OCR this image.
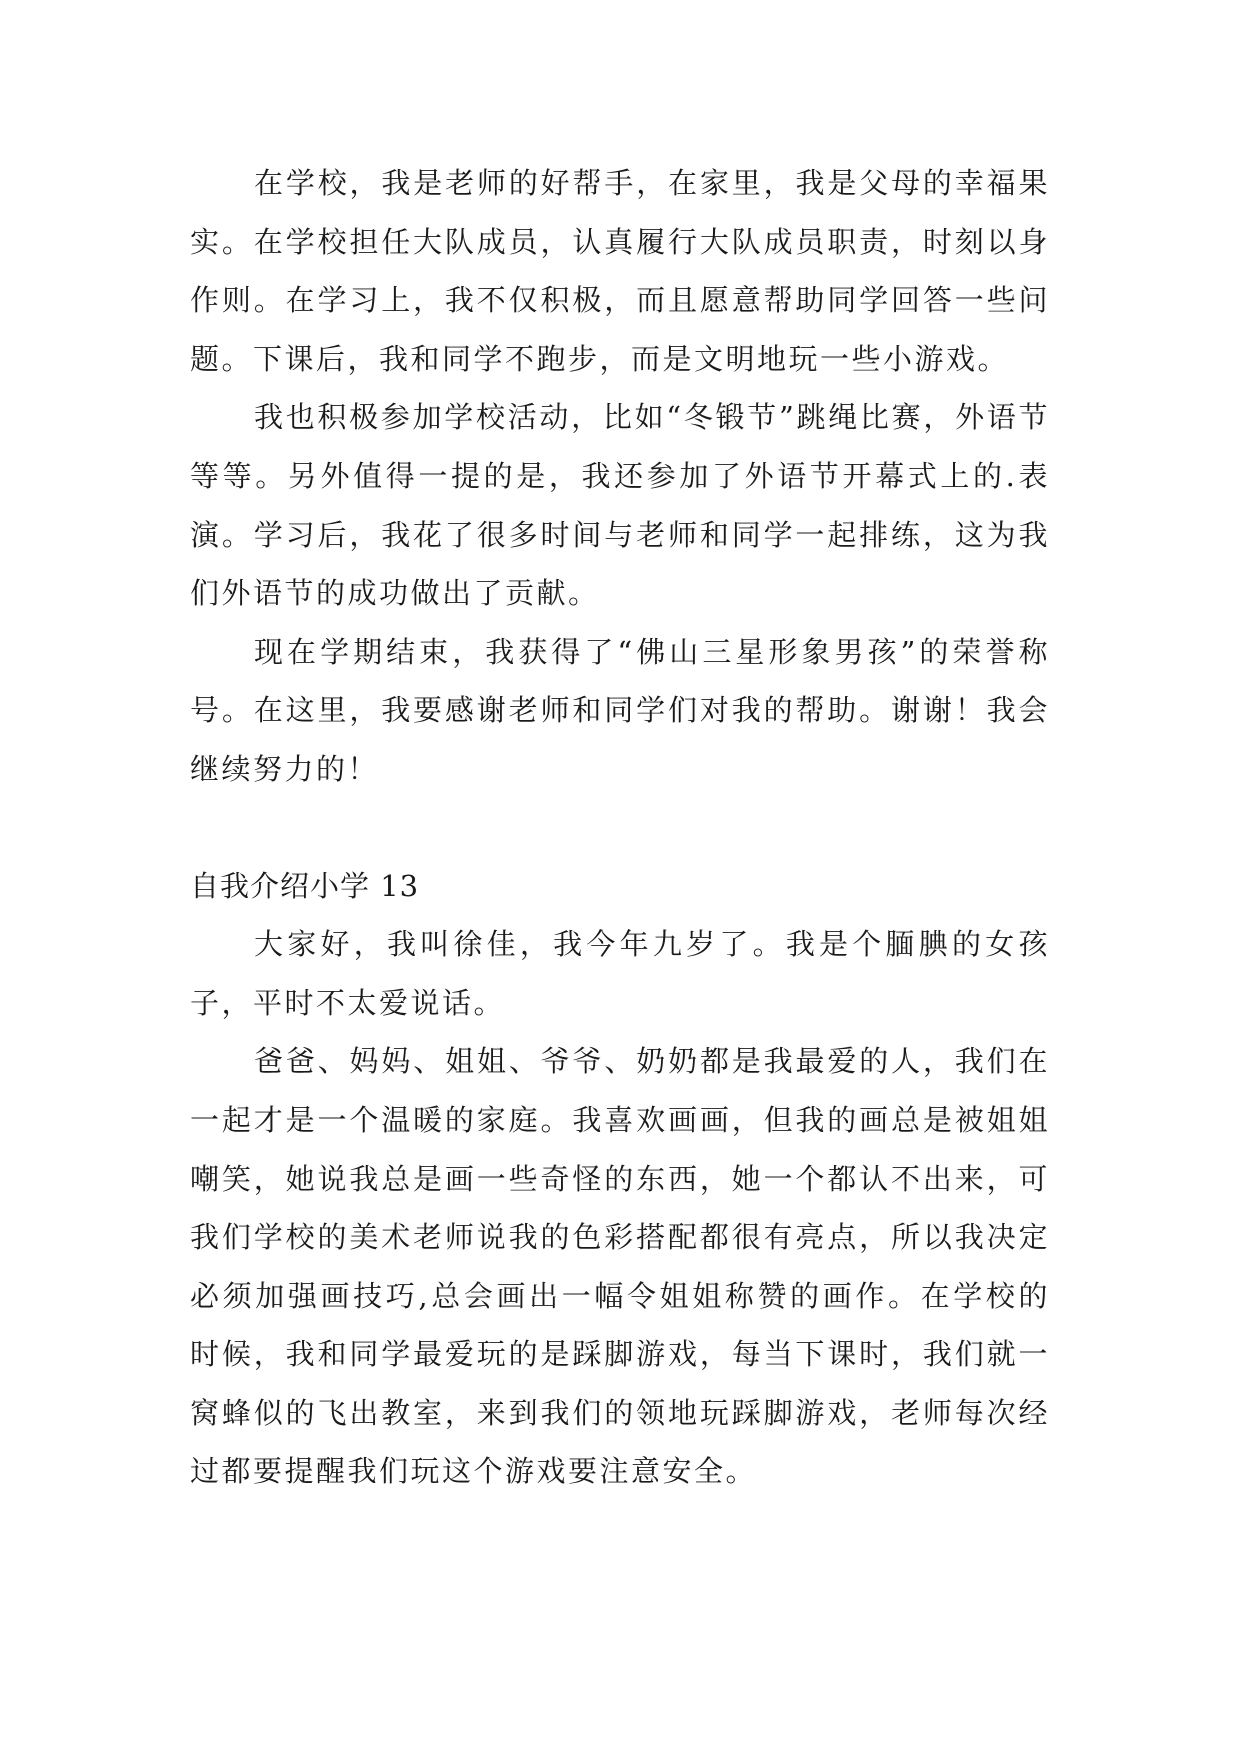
在学校，我是老师的好帮手，在家里，我是父母的幸福果实。在学校担任大队成员，认真履行大队成员职责，时刻以身作则。在学习上，我不仅积极，而且愿意帮助同学回答一些问题。下课后，我和同学不跑步，而是文明地玩一些小游戏。

我也积极参加学校活动，比如“冬锻节”跳绳比赛，外语节等等。另外值得一提的是，我还参加了外语节开幕式上的.表演。学习后，我花了很多时间与老师和同学一起排练，这为我们外语节的成功做出了贡献。

现在学期结束，我获得了“佛山三星形象男孩”的荣誉称号。在这里，我要感谢老师和同学们对我的帮助。谢谢！我会继续努力的！

自我介绍小学 13

大家好，我叫徐佳，我今年九岁了。我是个腼腆的女孩子，平时不太爱说话。

爸爸、妈妈、姐姐、爷爷、奶奶都是我最爱的人，我们在一起才是一个温暖的家庭。我喜欢画画，但我的画总是被姐姐嘲笑，她说我总是画一些奇怪的东西，她一个都认不出来，可我们学校的美术老师说我的色彩搭配都很有亮点，所以我决定必须加强画技巧,总会画出一幅令姐姐称赞的画作。在学校的时候，我和同学最爱玩的是踩脚游戏，每当下课时，我们就一窝蜂似的飞出教室，来到我们的领地玩踩脚游戏，老师每次经过都要提醒我们玩这个游戏要注意安全。
